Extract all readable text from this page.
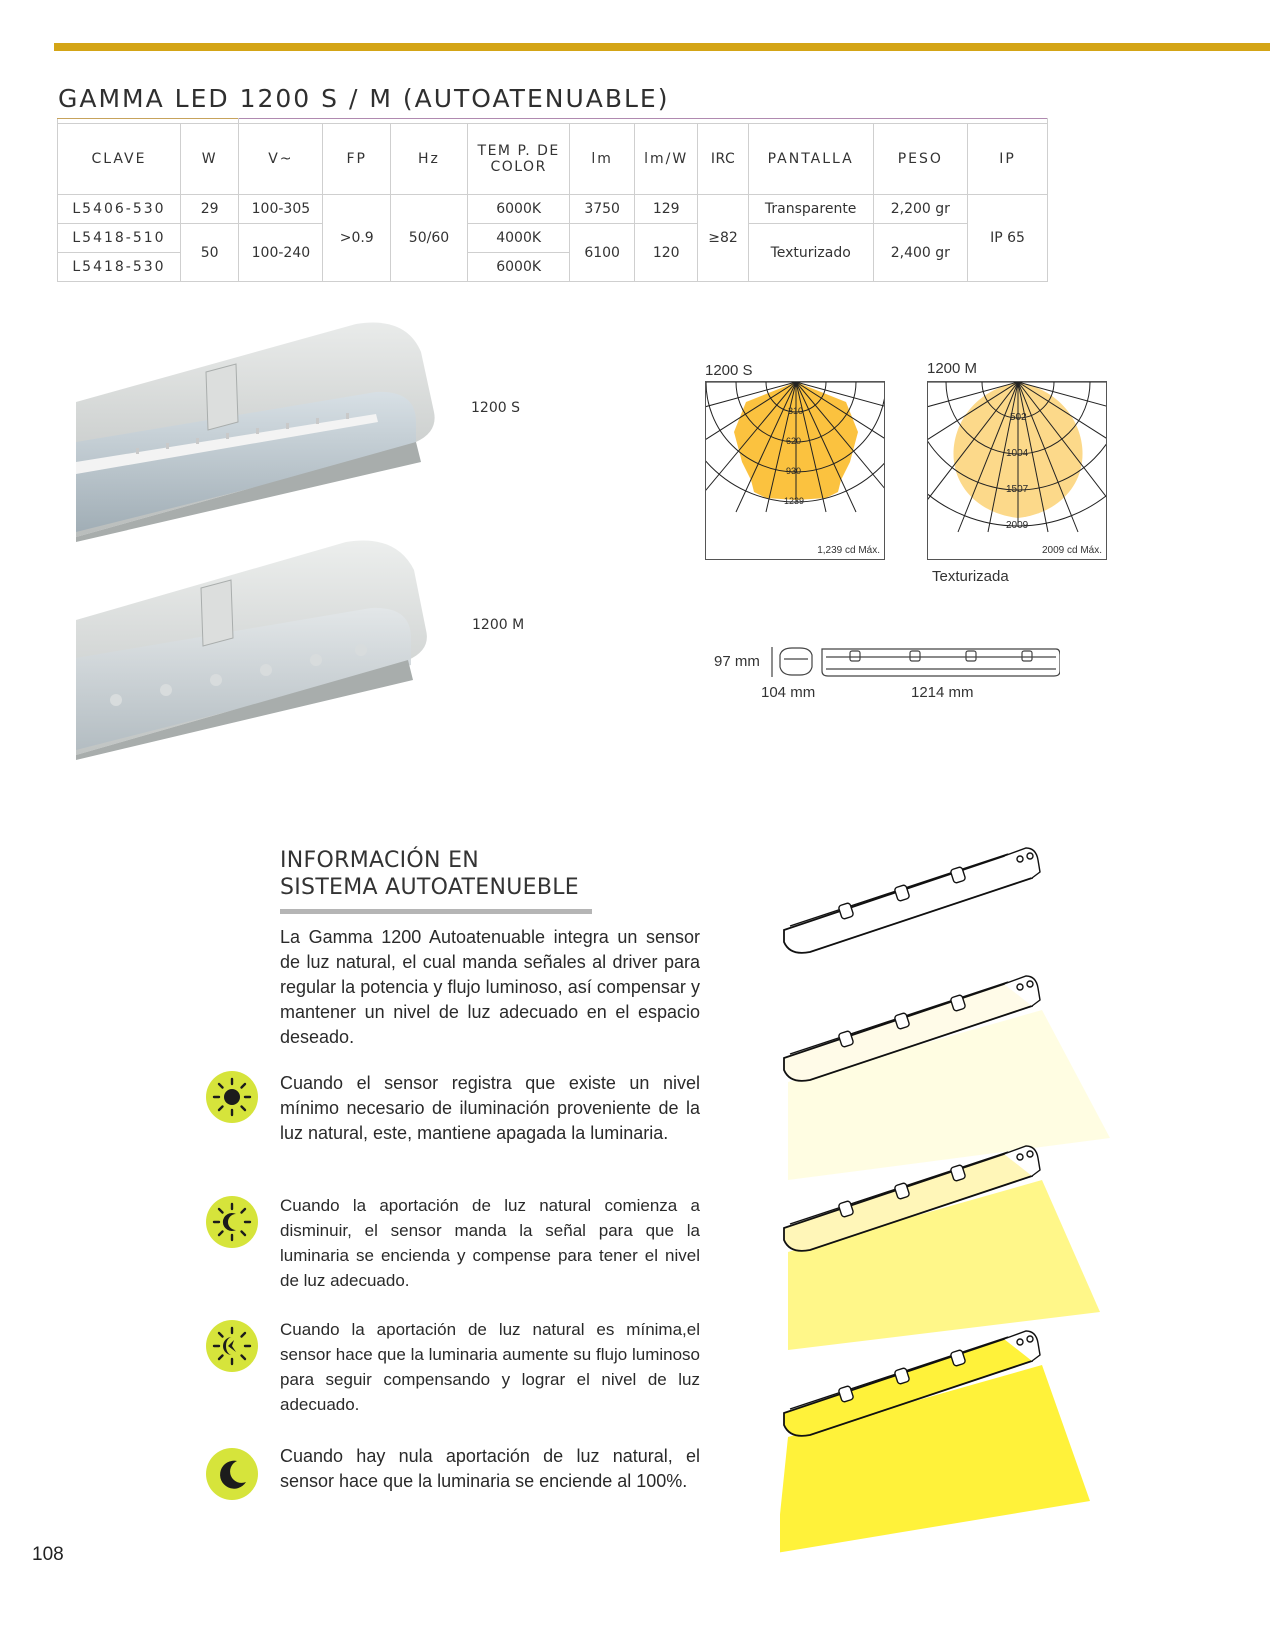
GAMMA LED 1200 S / M (AUTOATENUABLE)

CLAVE	W	V~	FP	Hz	TEM P. DE COLOR	lm	lm/W	IRC	PANTALLA	PESO	IP
L5406-530	29	100-305	>0.9	50/60	6000K	3750	129	≥82	Transparente	2,200 gr	IP 65
L5418-510	50	100-240			4000K	6100	120		Texturizado	2,400 gr	
L5418-530					6000K						
1200 S
1200 M
1200 S
310
620
930
1239
1,239 cd Máx.
1200 M
502
1004
1507
2009
2009 cd Máx.
Texturizada
97 mm
104 mm	1214 mm
INFORMACIÓN EN
SISTEMA AUTOATENUEBLE

La Gamma 1200 Autoatenuable integra un sensor de luz natural, el cual manda señales al driver para regular la potencia y flujo luminoso, así compensar y mantener un nivel de luz adecuado en el espacio deseado.

Cuando el sensor registra que existe un nivel mínimo necesario de iluminación proveniente de la luz natural, este, mantiene apagada la luminaria.

Cuando la aportación de luz natural comienza a disminuir, el sensor manda la señal para que la luminaria se encienda y compense para tener el nivel de luz adecuado.

Cuando la aportación de luz natural es mínima,el sensor hace que la luminaria aumente su flujo luminoso para seguir compensando y lograr el nivel de luz adecuado.

Cuando hay nula aportación de luz natural, el sensor hace que la luminaria se enciende al 100%.

108
